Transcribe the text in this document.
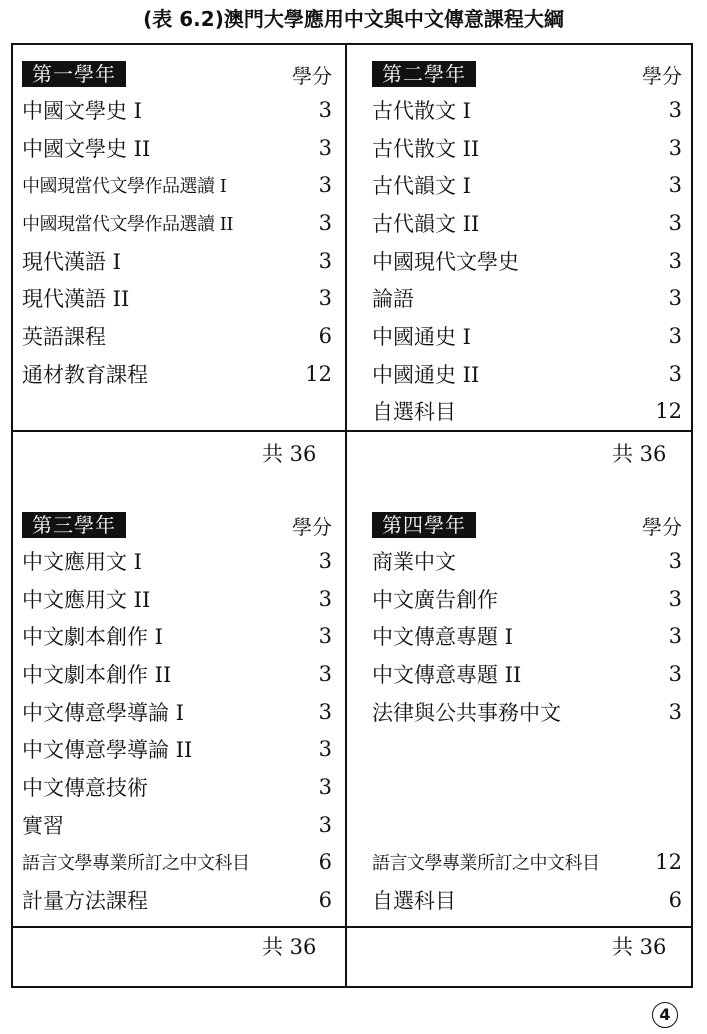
(表 6.2)澳門大學應用中文與中文傳意課程大綱
第一學年	學分
中國文學史 I	3
中國文學史 II	3
中國現當代文學作品選讀 I	3
中國現當代文學作品選讀 II	3
現代漢語 I	3
現代漢語 II	3
英語課程	6
通材教育課程	12
共 36
第二學年	學分
古代散文 I	3
古代散文 II	3
古代韻文 I	3
古代韻文 II	3
中國現代文學史	3
論語	3
中國通史 I	3
中國通史 II	3
自選科目	12
共 36
第三學年	學分
中文應用文 I	3
中文應用文 II	3
中文劇本創作 I	3
中文劇本創作 II	3
中文傳意學導論 I	3
中文傳意學導論 II	3
中文傳意技術	3
實習	3
語言文學專業所訂之中文科目	6
計量方法課程	6
共 36
第四學年	學分
商業中文	3
中文廣告創作	3
中文傳意專題 I	3
中文傳意專題 II	3
法律與公共事務中文	3
語言文學專業所訂之中文科目	12
自選科目	6
共 36
4
